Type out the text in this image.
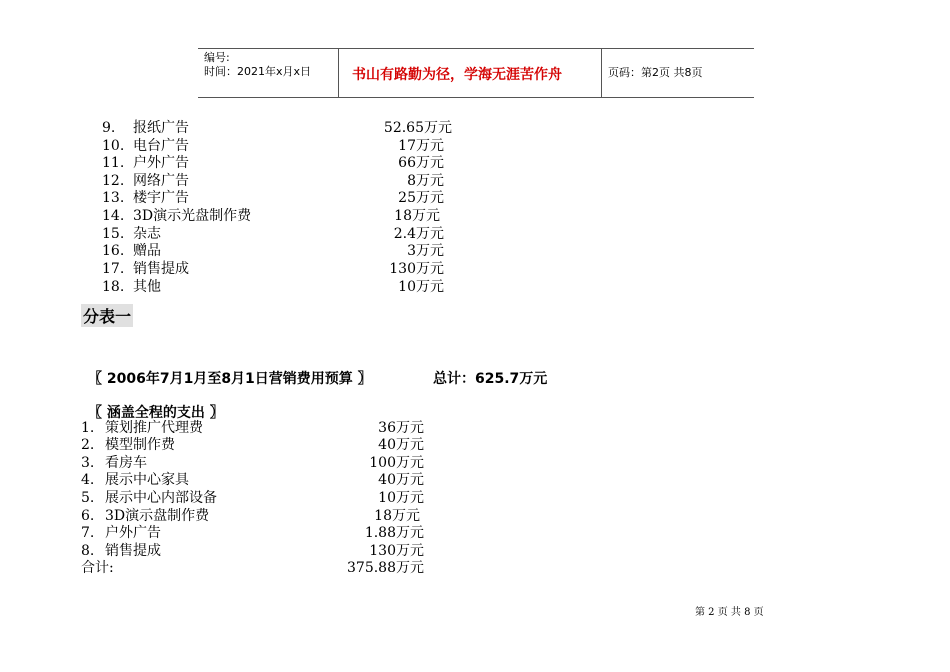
编号:
时间：2021年x月x日	书山有路勤为径，学海无涯苦作舟	页码：第2页 共8页
9. 报纸广告	52.65万元
10. 电台广告	17万元
11. 户外广告	66万元
12. 网络广告	8万元
13. 楼宇广告	25万元
14. 3D演示光盘制作费	18万元
15. 杂志	2.4万元
16. 赠品	3万元
17. 销售提成	130万元
18. 其他	10万元
分表一
〖 2006年7月1月至8月1日营销费用预算 〗	总计：625.7万元
〖 涵盖全程的支出 〗
1. 策划推广代理费	36万元
2. 模型制作费	40万元
3. 看房车	100万元
4. 展示中心家具	40万元
5. 展示中心内部设备	10万元
6. 3D演示盘制作费	18万元
7. 户外广告	1.88万元
8. 销售提成	130万元
合计:	375.88万元
第 2 页 共 8 页
